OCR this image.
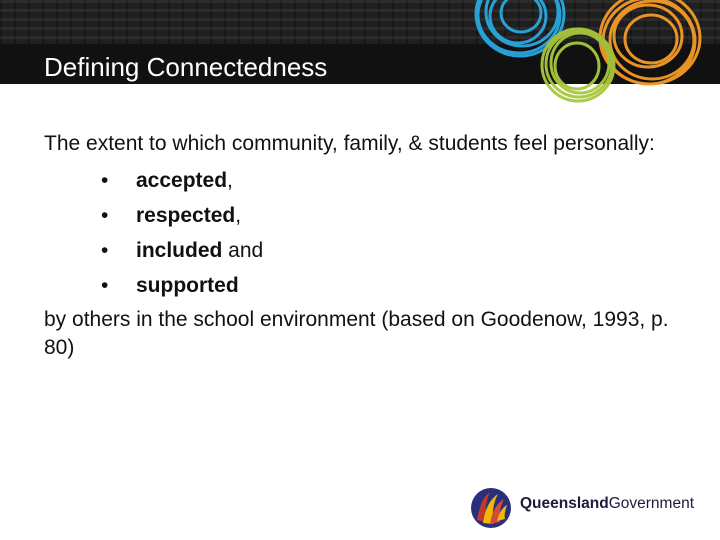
Defining Connectedness

The extent to which community, family, & students feel personally:

• accepted,
• respected,
• included and
• supported

by others in the school environment (based on Goodenow, 1993, p. 80)

QueenslandGovernment
